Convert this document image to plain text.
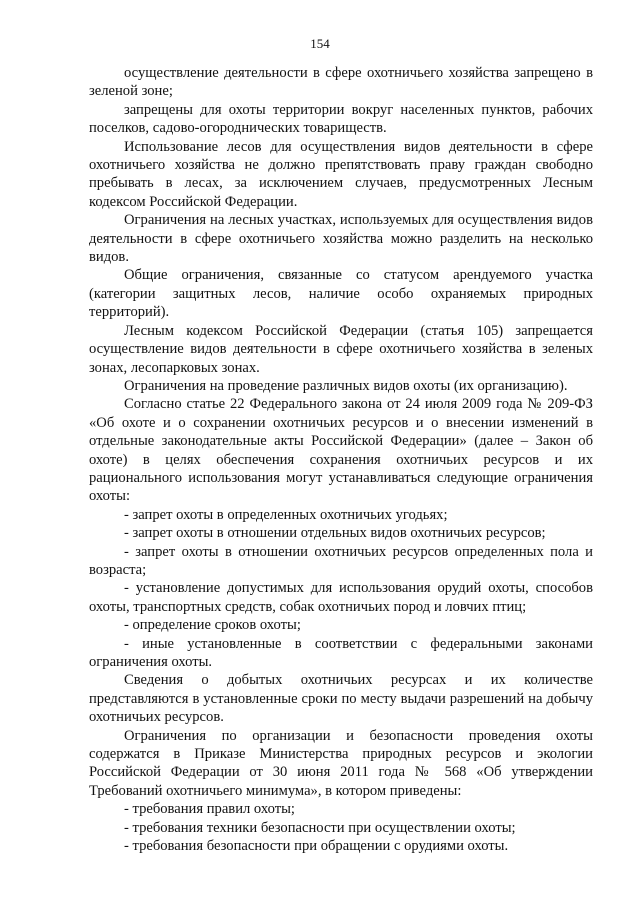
154

осуществление деятельности в сфере охотничьего хозяйства запрещено в зеленой зоне;

запрещены для охоты территории вокруг населенных пунктов, рабочих поселков, садово-огороднических товариществ.

Использование лесов для осуществления видов деятельности в сфере охотничьего хозяйства не должно препятствовать праву граждан свободно пребывать в лесах, за исключением случаев, предусмотренных Лесным кодексом Российской Федерации.

Ограничения на лесных участках, используемых для осуществления видов деятельности в сфере охотничьего хозяйства можно разделить на несколько видов.

Общие ограничения, связанные со статусом арендуемого участка (категории защитных лесов, наличие особо охраняемых природных территорий).

Лесным кодексом Российской Федерации (статья 105) запрещается осуществление видов деятельности в сфере охотничьего хозяйства в зеленых зонах, лесопарковых зонах.

Ограничения на проведение различных видов охоты (их организацию).

Согласно статье 22 Федерального закона от 24 июля 2009 года № 209-ФЗ «Об охоте и о сохранении охотничьих ресурсов и о внесении изменений в отдельные законодательные акты Российской Федерации» (далее – Закон об охоте) в целях обеспечения сохранения охотничьих ресурсов и их рационального использования могут устанавливаться следующие ограничения охоты:

- запрет охоты в определенных охотничьих угодьях;

- запрет охоты в отношении отдельных видов охотничьих ресурсов;

- запрет охоты в отношении охотничьих ресурсов определенных пола и возраста;

- установление допустимых для использования орудий охоты, способов охоты, транспортных средств, собак охотничьих пород и ловчих птиц;

- определение сроков охоты;

- иные установленные в соответствии с федеральными законами ограничения охоты.

Сведения о добытых охотничьих ресурсах и их количестве представляются в установленные сроки по месту выдачи разрешений на добычу охотничьих ресурсов.

Ограничения по организации и безопасности проведения охоты содержатся в Приказе Министерства природных ресурсов и экологии Российской Федерации от 30 июня 2011 года № 568 «Об утверждении Требований охотничьего минимума», в котором приведены:

- требования правил охоты;

- требования техники безопасности при осуществлении охоты;

- требования безопасности при обращении с орудиями охоты.
